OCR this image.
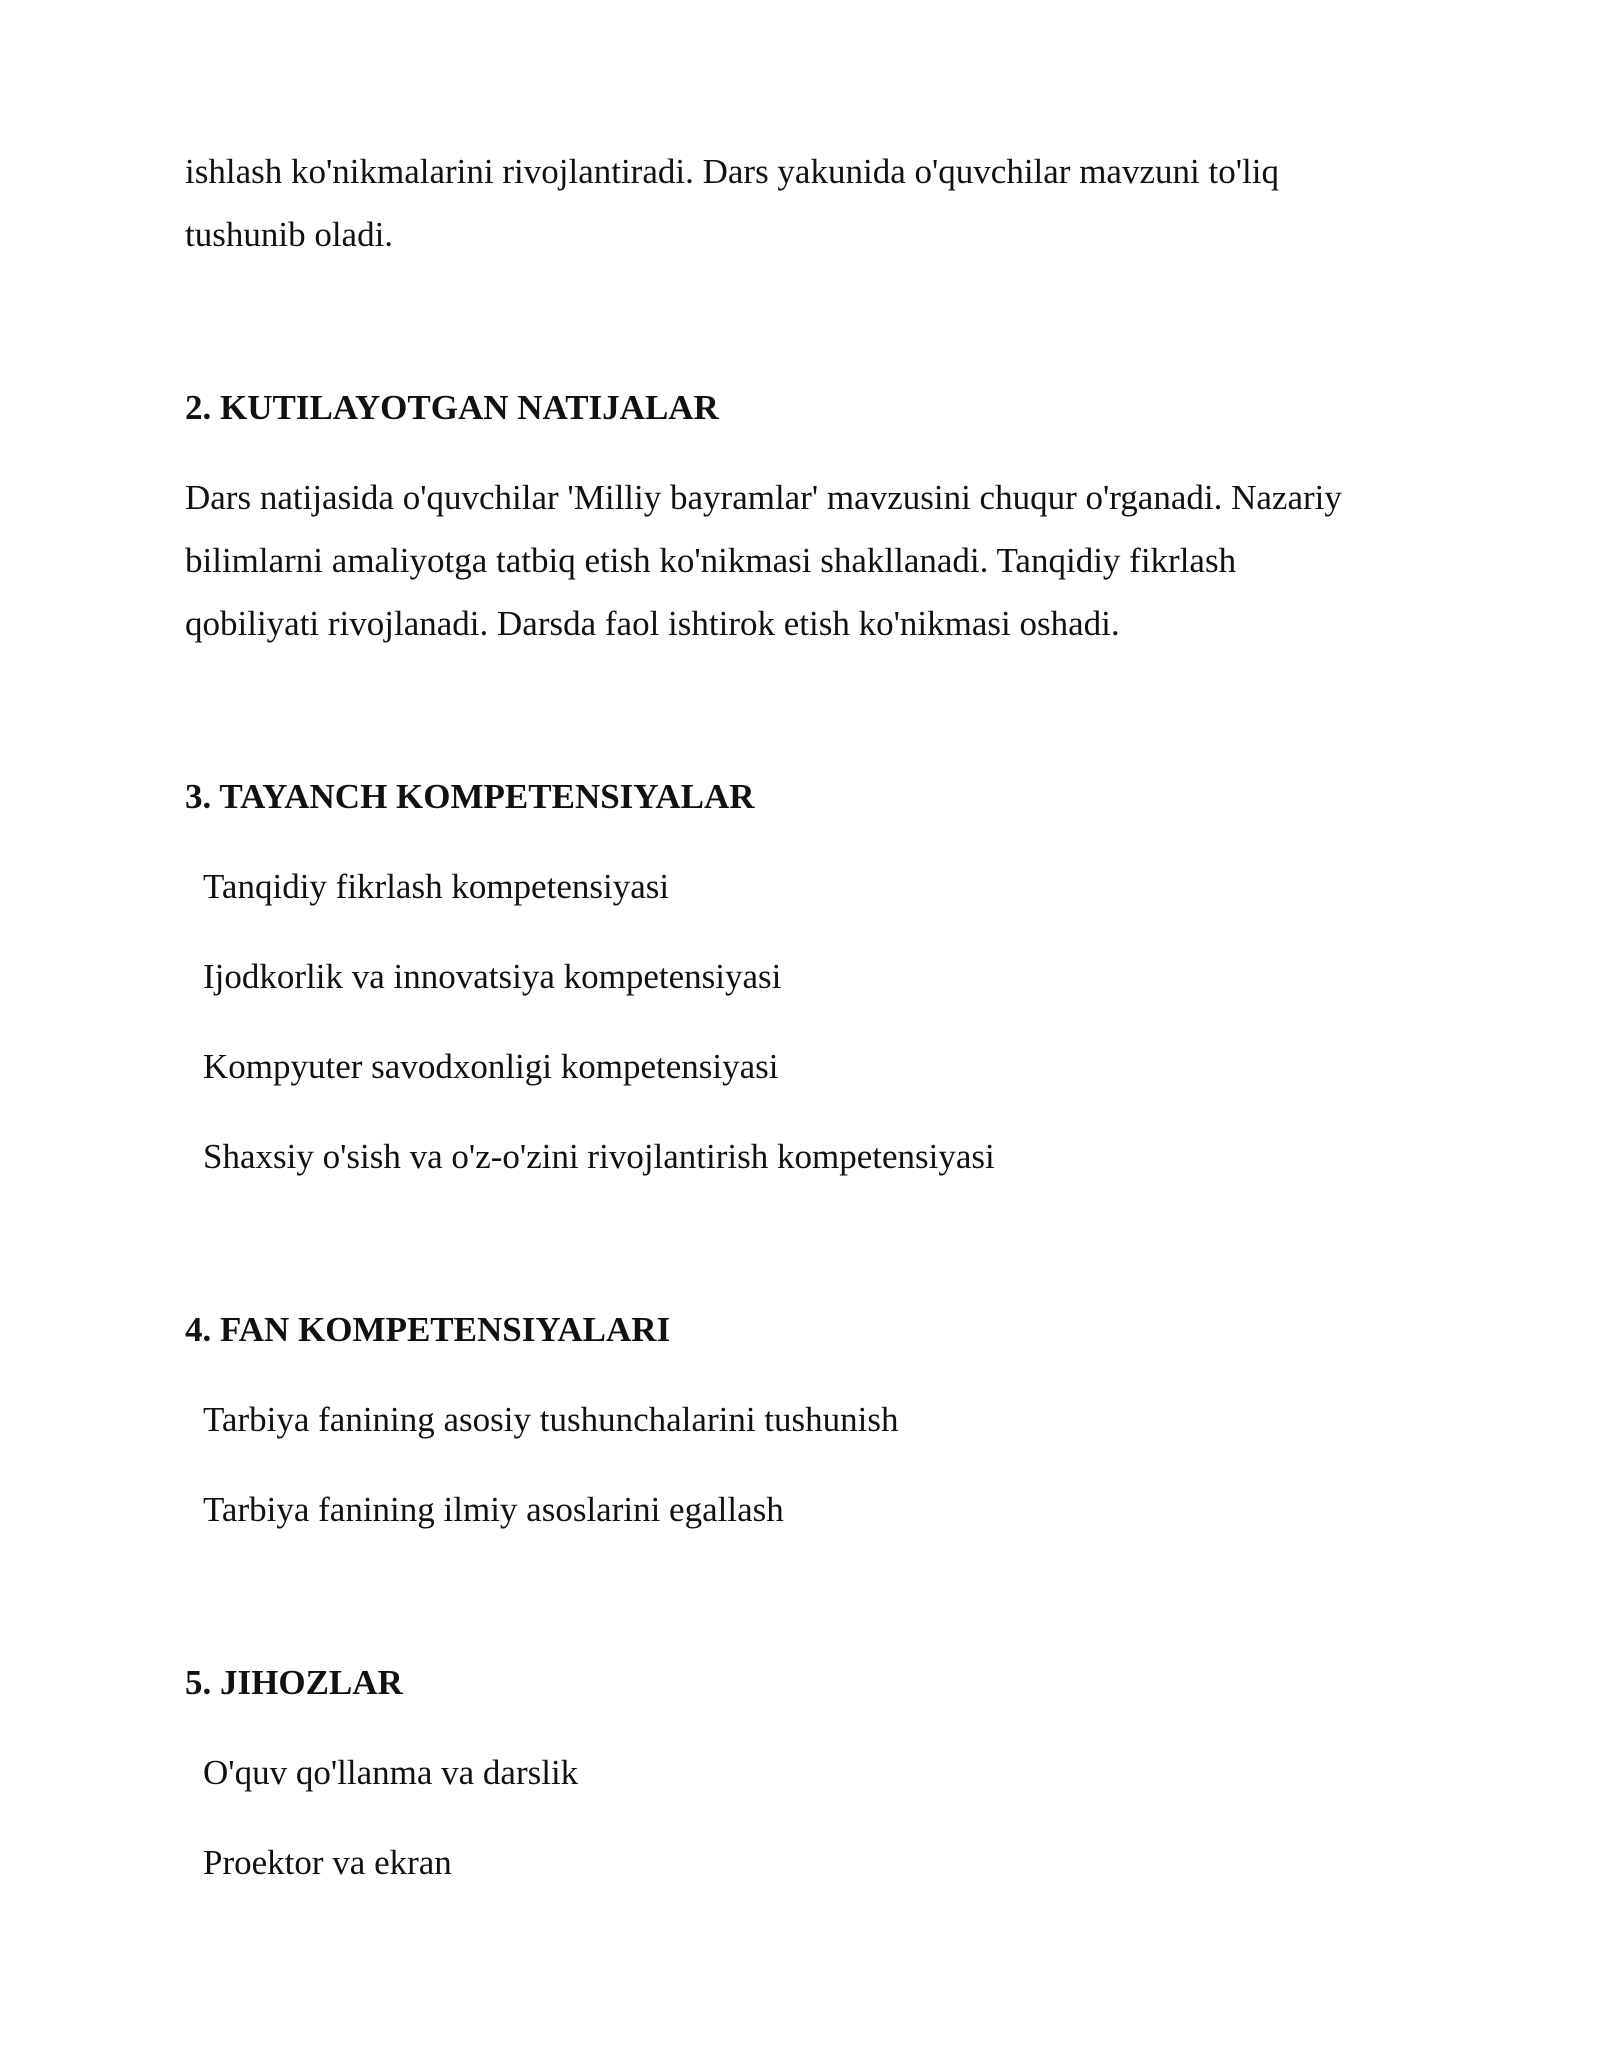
ishlash ko'nikmalarini rivojlantiradi. Dars yakunida o'quvchilar mavzuni to'liq

tushunib oladi.

2. KUTILAYOTGAN NATIJALAR

Dars natijasida o'quvchilar 'Milliy bayramlar' mavzusini chuqur o'rganadi. Nazariy

bilimlarni amaliyotga tatbiq etish ko'nikmasi shakllanadi. Tanqidiy fikrlash

qobiliyati rivojlanadi. Darsda faol ishtirok etish ko'nikmasi oshadi.

3. TAYANCH KOMPETENSIYALAR

Tanqidiy fikrlash kompetensiyasi

Ijodkorlik va innovatsiya kompetensiyasi

Kompyuter savodxonligi kompetensiyasi

Shaxsiy o'sish va o'z-o'zini rivojlantirish kompetensiyasi

4. FAN KOMPETENSIYALARI

Tarbiya fanining asosiy tushunchalarini tushunish

Tarbiya fanining ilmiy asoslarini egallash

5. JIHOZLAR

O'quv qo'llanma va darslik

Proektor va ekran
